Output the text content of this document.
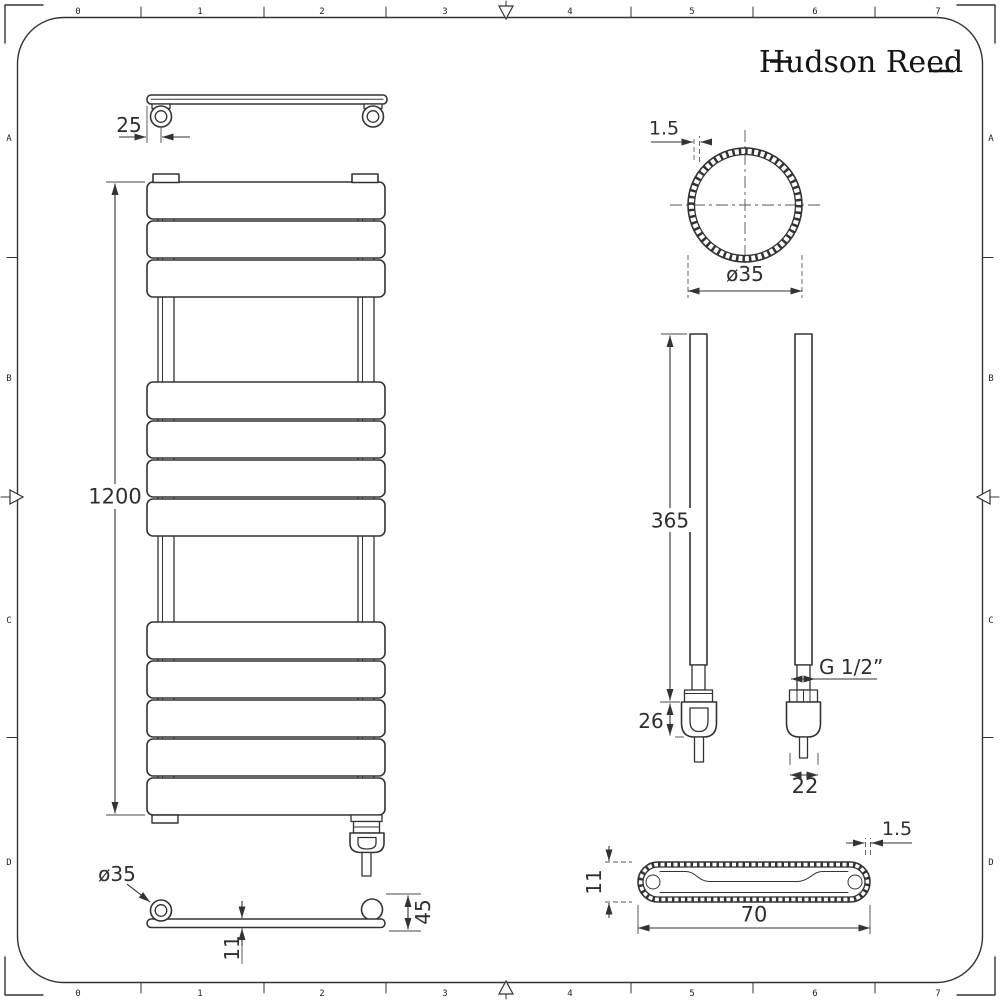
0	1	2	3	4	5	6	7
0	1	2	3	4	5	6	7
A
B
C
D
A
B
C
D
Hudson Reed
25
1200
ø35
1.5
365
26
G 1/2”
22
ø35
11
45	70
11
1.5
